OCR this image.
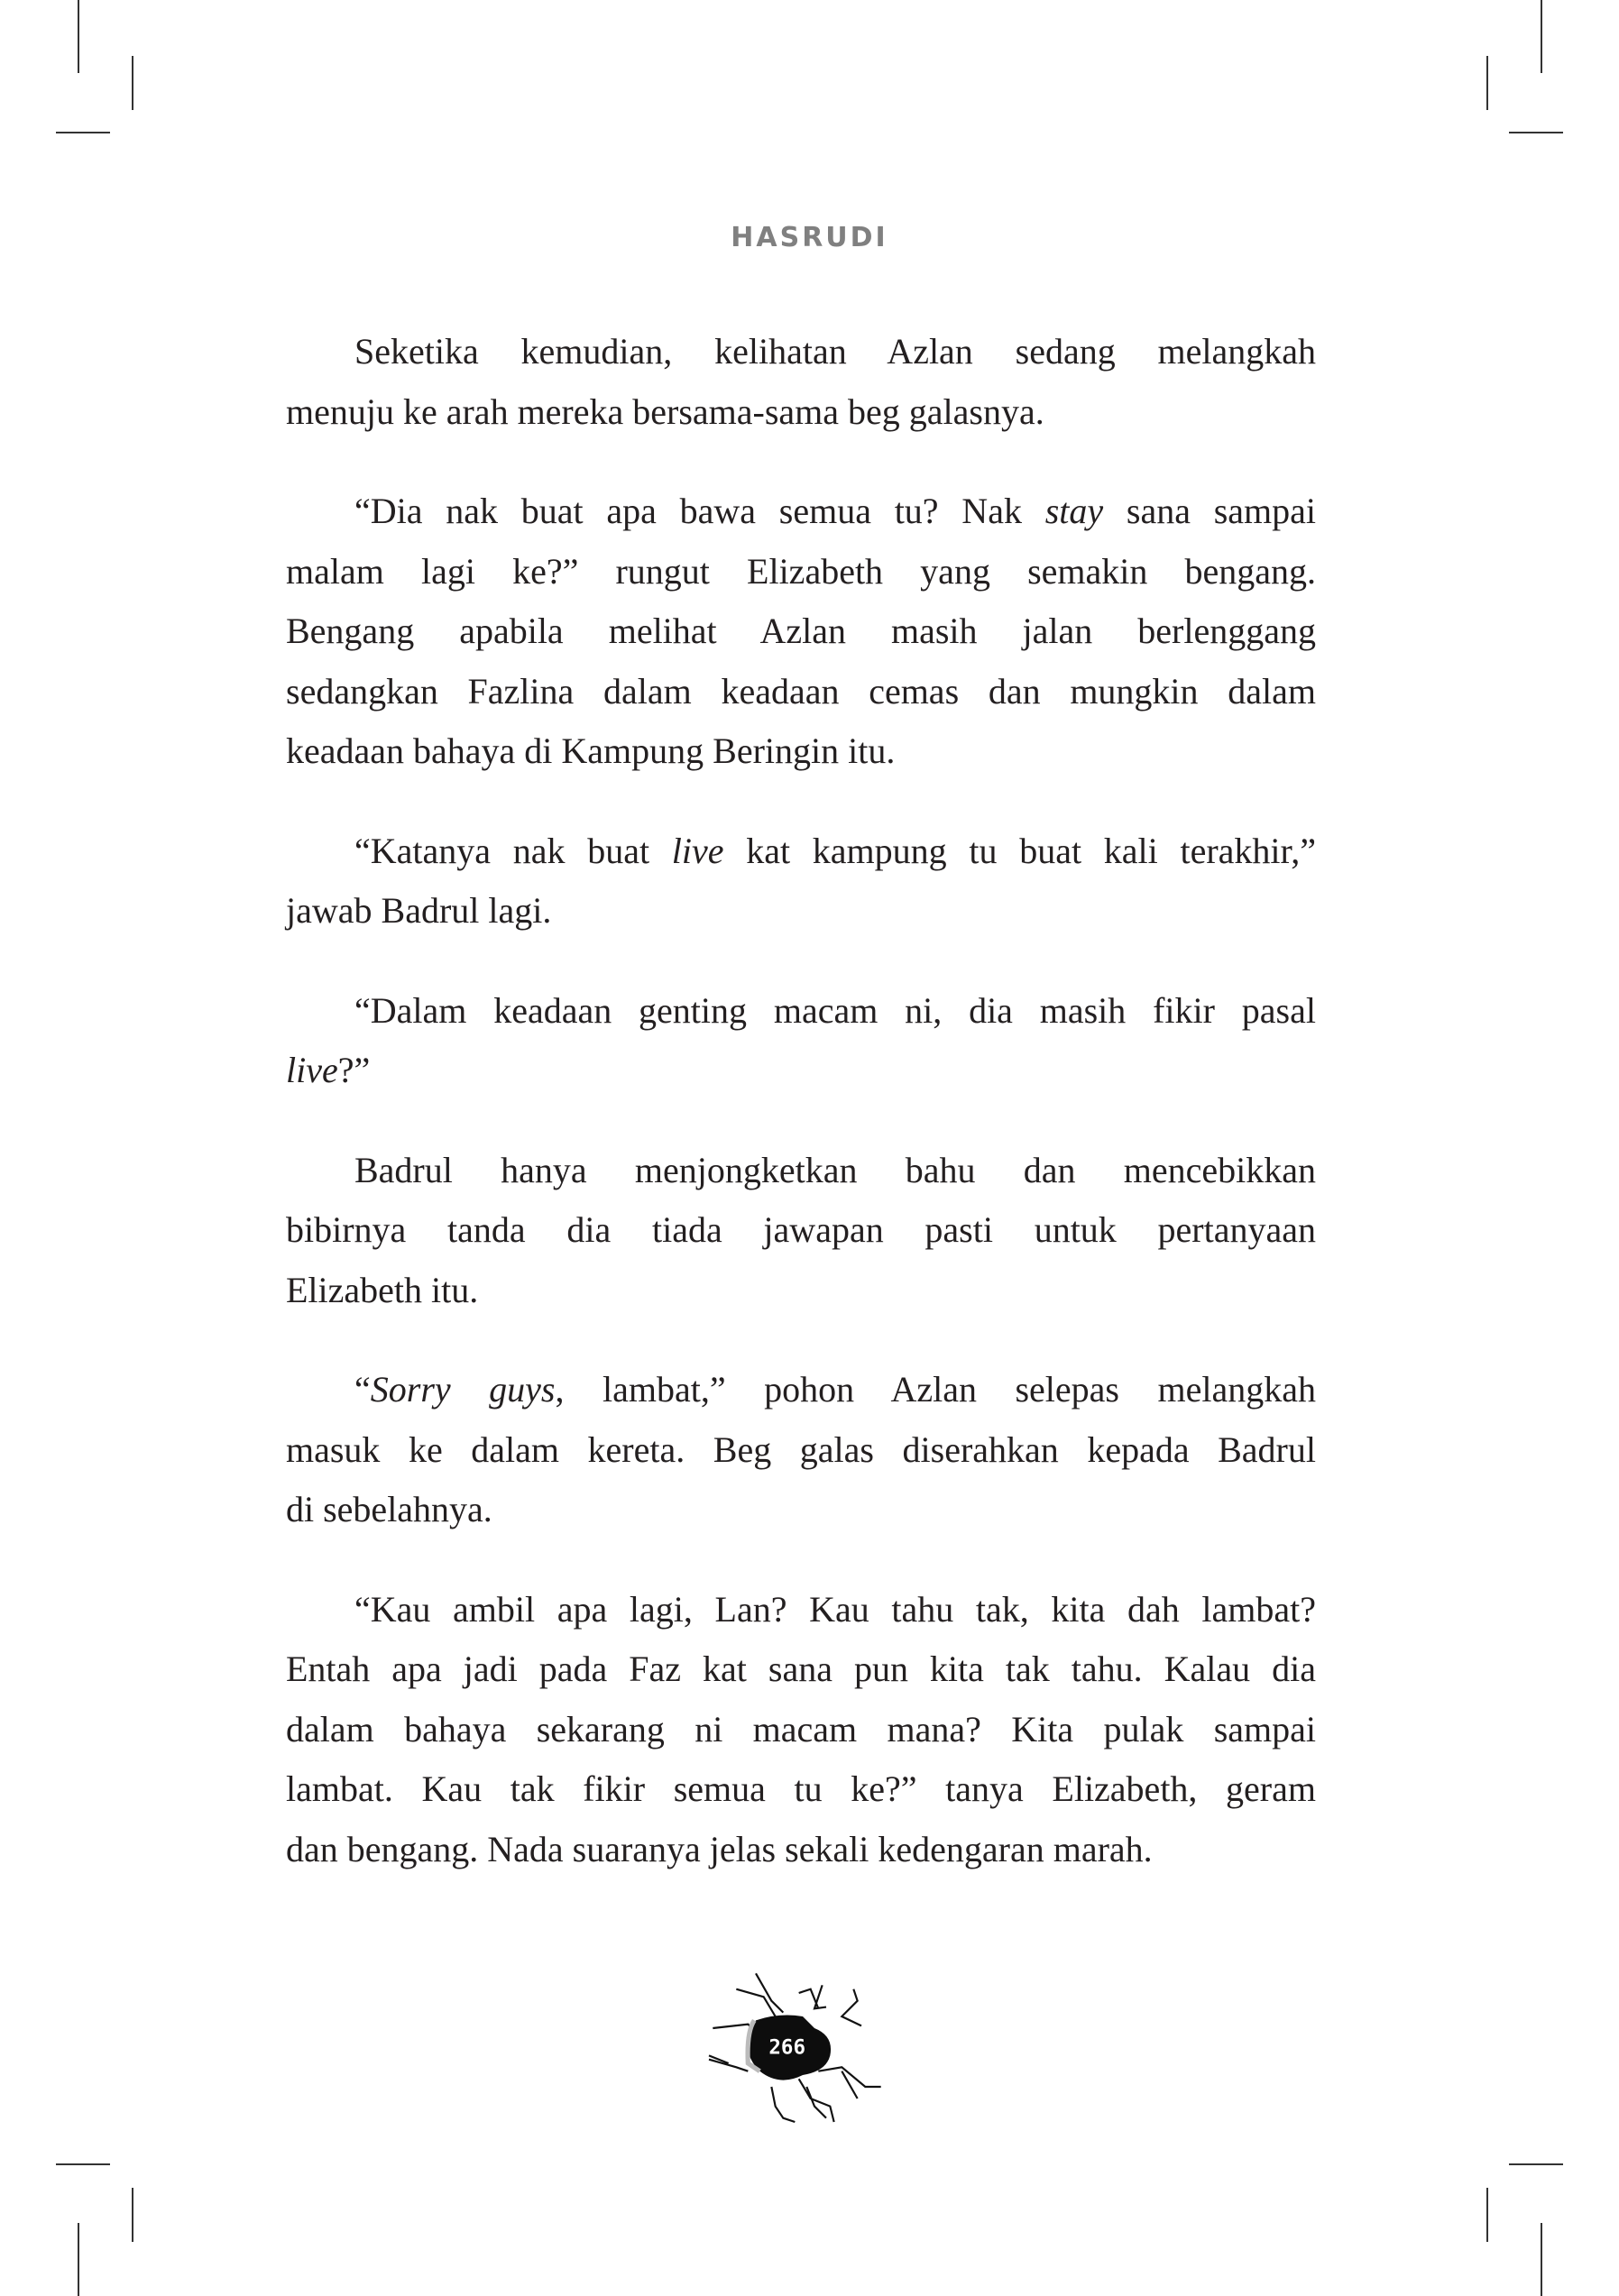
HASRUDI
Seketika kemudian, kelihatan Azlan sedang melangkah
menuju ke arah mereka bersama-sama beg galasnya.
“Dia nak buat apa bawa semua tu? Nak stay sana sampai
malam lagi ke?” rungut Elizabeth yang semakin bengang.
Bengang apabila melihat Azlan masih jalan berlenggang
sedangkan Fazlina dalam keadaan cemas dan mungkin dalam
keadaan bahaya di Kampung Beringin itu.
“Katanya nak buat live kat kampung tu buat kali terakhir,”
jawab Badrul lagi.
“Dalam keadaan genting macam ni, dia masih fikir pasal
live?”
Badrul hanya menjongketkan bahu dan mencebikkan
bibirnya tanda dia tiada jawapan pasti untuk pertanyaan
Elizabeth itu.
“Sorry guys, lambat,” pohon Azlan selepas melangkah
masuk ke dalam kereta. Beg galas diserahkan kepada Badrul
di sebelahnya.
“Kau ambil apa lagi, Lan? Kau tahu tak, kita dah lambat?
Entah apa jadi pada Faz kat sana pun kita tak tahu. Kalau dia
dalam bahaya sekarang ni macam mana? Kita pulak sampai
lambat. Kau tak fikir semua tu ke?” tanya Elizabeth, geram
dan bengang. Nada suaranya jelas sekali kedengaran marah.
266
